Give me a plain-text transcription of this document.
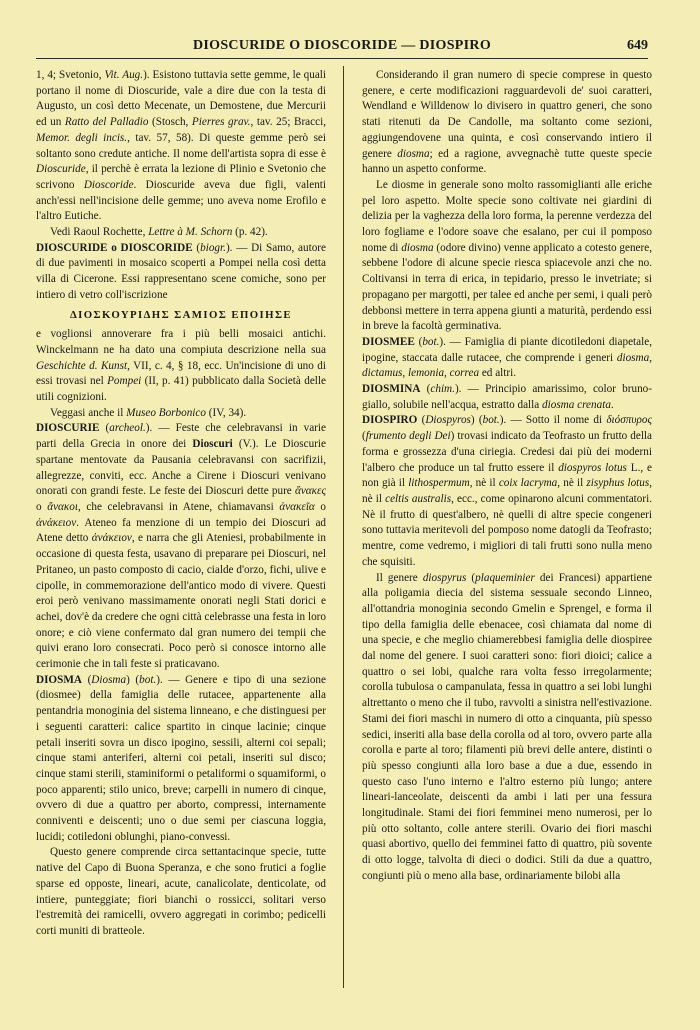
DIOSCURIDE O DIOSCORIDE — DIOSPIRO	649

1, 4; Svetonio, Vit. Aug.). Esistono tuttavia sette gemme, le quali portano il nome di Dioscuride, vale a dire due con la testa di Augusto, un così detto Mecenate, un Demostene, due Mercurii ed un Ratto del Palladio (Stosch, Pierres grav., tav. 25; Bracci, Memor. degli incis., tav. 57, 58). Di queste gemme però sei soltanto sono credute antiche. Il nome dell'artista sopra di esse è Dioscuride, il perchè è errata la lezione di Plinio e Svetonio che scrivono Dioscoride. Dioscuride aveva due figli, valenti anch'essi nell'incisione delle gemme; uno aveva nome Erofilo e l'altro Eutiche.

Vedi Raoul Rochette, Lettre à M. Schorn (p. 42).

DIOSCURIDE o DIOSCORIDE (biogr.). — Di Samo, autore di due pavimenti in mosaico scoperti a Pompei nella così detta villa di Cicerone. Essi rappresentano scene comiche, sono per intiero di vetro coll'iscrizione

ΔΙΟΣΚΟΥΡΙΔΗΣ ΣΑΜΙΟΣ ΕΠΟΙΗΣΕ

e voglionsi annoverare fra i più belli mosaici antichi. Winckelmann ne ha dato una compiuta descrizione nella sua Geschichte d. Kunst, VII, c. 4, § 18, ecc. Un'incisione di uno di essi trovasi nel Pompei (II, p. 41) pubblicato dalla Società delle utili cognizioni.

Veggasi anche il Museo Borbonico (IV, 34).

DIOSCURIE (archeol.). — Feste che celebravansi in varie parti della Grecia in onore dei Dioscuri (V.). Le Dioscurie spartane mentovate da Pausania celebravansi con sacrifizii, allegrezze, conviti, ecc. Anche a Cirene i Dioscuri venivano onorati con grandi feste. Le feste dei Dioscuri dette pure ἄνακες o ἄνακοι, che celebravansi in Atene, chiamavansi ἀνακεῖα o ἀνάκειον. Ateneo fa menzione di un tempio dei Dioscuri ad Atene detto ἀνάκειον, e narra che gli Ateniesi, probabilmente in occasione di questa festa, usavano di preparare pei Dioscuri, nel Pritaneo, un pasto composto di cacio, cialde d'orzo, fichi, ulive e cipolle, in commemorazione dell'antico modo di vivere. Questi eroi però venivano massimamente onorati negli Stati dorici e achei, dov'è da credere che ogni città celebrasse una festa in loro onore; e ciò viene confermato dal gran numero dei tempii che quivi erano loro consecrati. Poco però si conosce intorno alle cerimonie che in tali feste si praticavano.

DIOSMA (Diosma) (bot.). — Genere e tipo di una sezione (diosmee) della famiglia delle rutacee, appartenente alla pentandria monoginia del sistema linneano, e che distinguesi per i seguenti caratteri: calice spartito in cinque lacinie; cinque petali inseriti sovra un disco ipogino, sessili, alterni coi sepali; cinque stami anteriferi, alterni coi petali, inseriti sul disco; cinque stami sterili, staminiformi o petaliformi o squamiformi, o poco apparenti; stilo unico, breve; carpelli in numero di cinque, ovvero di due a quattro per aborto, compressi, internamente conniventi e deiscenti; uno o due semi per ciascuna loggia, lucidi; cotiledoni oblunghi, piano-convessi.

Questo genere comprende circa settantacinque specie, tutte native del Capo di Buona Speranza, e che sono frutici a foglie sparse ed opposte, lineari, acute, canalicolate, denticolate, od intiere, punteggiate; fiori bianchi o rossicci, solitari verso l'estremità dei ramicelli, ovvero aggregati in corimbo; pedicelli corti muniti di bratteole.

Considerando il gran numero di specie comprese in questo genere, e certe modificazioni ragguardevoli de' suoi caratteri, Wendland e Willdenow lo divisero in quattro generi, che sono stati ritenuti da De Candolle, ma soltanto come sezioni, aggiungendovene una quinta, e così conservando intiero il genere diosma; ed a ragione, avvegnachè tutte queste specie hanno un aspetto conforme.

Le diosme in generale sono molto rassomiglianti alle eriche pel loro aspetto. Molte specie sono coltivate nei giardini di delizia per la vaghezza della loro forma, la perenne verdezza del loro fogliame e l'odore soave che esalano, per cui il pomposo nome di diosma (odore divino) venne applicato a cotesto genere, sebbene l'odore di alcune specie riesca spiacevole anzi che no. Coltivansi in terra di erica, in tepidario, presso le invetriate; si propagano per margotti, per talee ed anche per semi, i quali però debbonsi mettere in terra appena giunti a maturità, perdendo essi in breve la facoltà germinativa.

DIOSMEE (bot.). — Famiglia di piante dicotiledoni diapetale, ipogine, staccata dalle rutacee, che comprende i generi diosma, dictamus, lemonia, correa ed altri.

DIOSMINA (chim.). — Principio amarissimo, color bruno-giallo, solubile nell'acqua, estratto dalla diosma crenata.

DIOSPIRO (Diospyros) (bot.). — Sotto il nome di διόσπυρος (frumento degli Dei) trovasi indicato da Teofrasto un frutto della forma e grossezza d'una ciriegia. Credesi dai più dei moderni l'albero che produce un tal frutto essere il diospyros lotus L., e non già il lithospermum, nè il coix lacryma, nè il zisyphus lotus, nè il celtis australis, ecc., come opinarono alcuni commentatori. Nè il frutto di quest'albero, nè quelli di altre specie congeneri sono tuttavia meritevoli del pomposo nome datogli da Teofrasto; mentre, come vedremo, i migliori di tali frutti sono nulla meno che squisiti.

Il genere diospyrus (plaqueminier dei Francesi) appartiene alla poligamia diecia del sistema sessuale secondo Linneo, all'ottandria monoginia secondo Gmelin e Sprengel, e forma il tipo della famiglia delle ebenacee, così chiamata dal nome di una specie, e che meglio chiamerebbesi famiglia delle diospiree dal nome del genere. I suoi caratteri sono: fiori dioici; calice a quattro o sei lobi, qualche rara volta fesso irregolarmente; corolla tubulosa o campanulata, fessa in quattro a sei lobi lunghi altrettanto o meno che il tubo, ravvolti a sinistra nell'estivazione. Stami dei fiori maschi in numero di otto a cinquanta, più spesso sedici, inseriti alla base della corolla od al toro, ovvero parte alla corolla e parte al toro; filamenti più brevi delle antere, distinti o più spesso congiunti alla loro base a due a due, essendo in questo caso l'uno interno e l'altro esterno più lungo; antere lineari-lanceolate, deiscenti da ambi i lati per una fessura longitudinale. Stami dei fiori femminei meno numerosi, per lo più otto soltanto, colle antere sterili. Ovario dei fiori maschi quasi abortivo, quello dei femminei fatto di quattro, più sovente di otto logge, talvolta di dieci o dodici. Stili da due a quattro, congiunti più o meno alla base, ordinariamente bilobi alla
